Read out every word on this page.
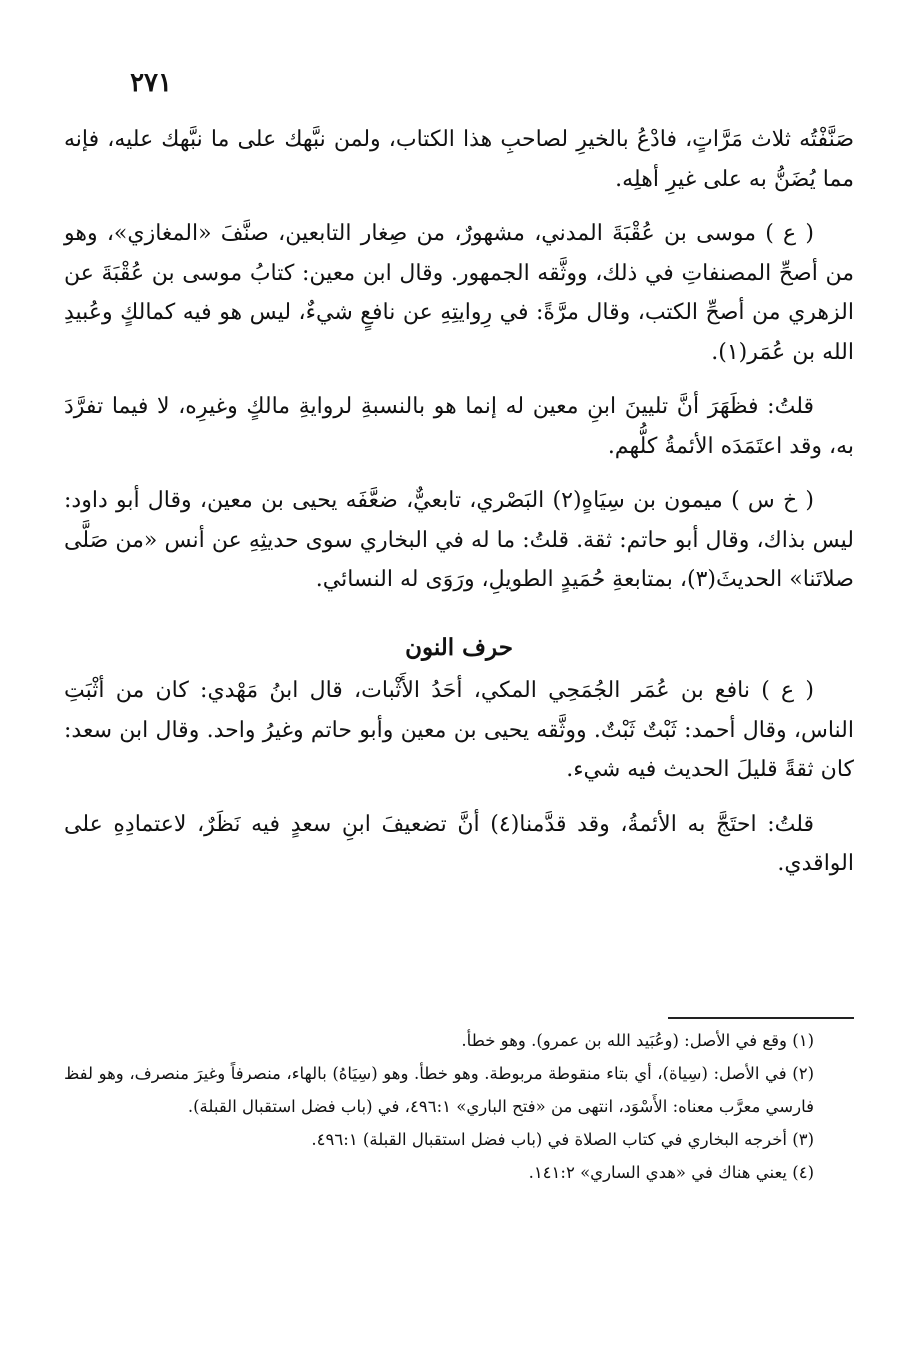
٢٧١

صَنَّفْتُه ثلاث مَرَّاتٍ، فادْعُ بالخيرِ لصاحبِ هذا الكتاب، ولمن نبَّهك على ما نبَّهك عليه، فإنه مما يُضَنُّ به على غيرِ أهلِه.

( ع ) موسى بن عُقْبَةَ المدني، مشهورٌ، من صِغار التابعين، صنَّفَ «المغازي»، وهو من أصحِّ المصنفاتِ في ذلك، ووثَّقه الجمهور. وقال ابن معين: كتابُ موسى بن عُقْبَةَ عن الزهري من أصحِّ الكتب، وقال مرَّةً: في رِوايتِهِ عن نافعٍ شيءٌ، ليس هو فيه كمالكٍ وعُبيدِ الله بن عُمَر(١).

قلتُ: فظَهَرَ أنَّ تليينَ ابنِ معين له إنما هو بالنسبةِ لروايةِ مالكٍ وغيرِه، لا فيما تفرَّدَ به، وقد اعتَمَدَه الأئمةُ كلُّهم.

( خ س ) ميمون بن سِيَاهٍ(٢) البَصْري، تابعيٌّ، ضعَّفَه يحيى بن معين، وقال أبو داود: ليس بذاك، وقال أبو حاتم: ثقة. قلتُ: ما له في البخاري سوى حديثِهِ عن أنس «من صَلَّى صلاتَنا» الحديثَ(٣)، بمتابعةِ حُمَيدٍ الطويلِ، ورَوَى له النسائي.

حرف النون

( ع ) نافع بن عُمَر الجُمَحِي المكي، أحَدُ الأَثْبات، قال ابنُ مَهْدي: كان من أثْبَتِ الناس، وقال أحمد: ثَبْتٌ ثَبْتٌ. ووثَّقه يحيى بن معين وأبو حاتم وغيرُ واحد. وقال ابن سعد: كان ثقةً قليلَ الحديث فيه شيء.

قلتُ: احتَجَّ به الأئمةُ، وقد قدَّمنا(٤) أنَّ تضعيفَ ابنِ سعدٍ فيه نَظَرٌ، لاعتمادِهِ على الواقدي.

(١) وقع في الأصل: (وعُبَيد الله بن عمرو). وهو خطأ.

(٢) في الأصل: (سِياة)، أي بتاء منقوطة مربوطة. وهو خطأ. وهو (سِيَاهُ) بالهاء، منصرفاً وغيرَ منصرف، وهو لفظ فارسي معرَّب معناه: الأَسْوَد، انتهى من «فتح الباري» ٤٩٦:١، في (باب فضل استقبال القبلة).

(٣) أخرجه البخاري في كتاب الصلاة في (باب فضل استقبال القبلة) ٤٩٦:١.

(٤) يعني هناك في «هدي الساري» ١٤١:٢.
